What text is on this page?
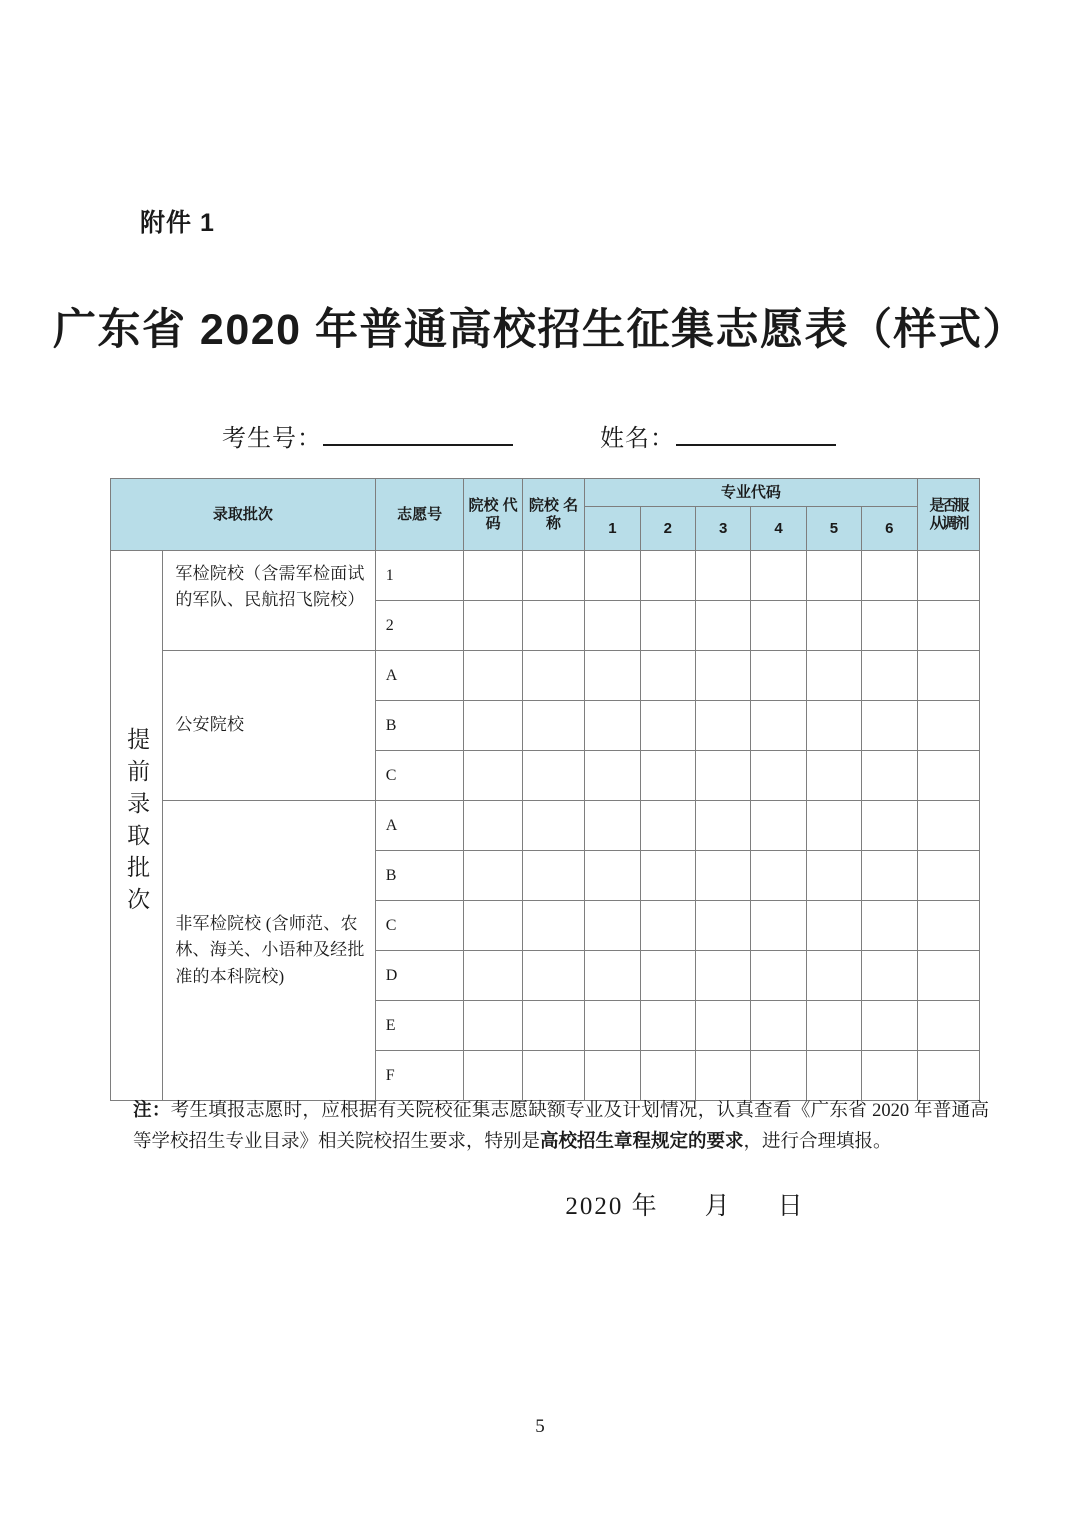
附件 1
广东省 2020 年普通高校招生征集志愿表（样式）
考生号：	姓名：
录取批次		志愿号	院校 代码	院校 名称	专业代码						是否服
从调剂

					1	2	3	4	5	6	
提前录取批次	军检院校（含需军检面试的军队、民航招飞院校）	1									
		2									
	公安院校	A									
		B									
		C									
	非军检院校 (含师范、农林、海关、小语种及经批准的本科院校)	A									
		B									
		C									
		D									
		E									
		F									
注：考生填报志愿时，应根据有关院校征集志愿缺额专业及计划情况，认真查看《广东省 2020 年普通高等学校招生专业目录》相关院校招生要求，特别是高校招生章程规定的要求，进行合理填报。
2020 年 月 日
5
